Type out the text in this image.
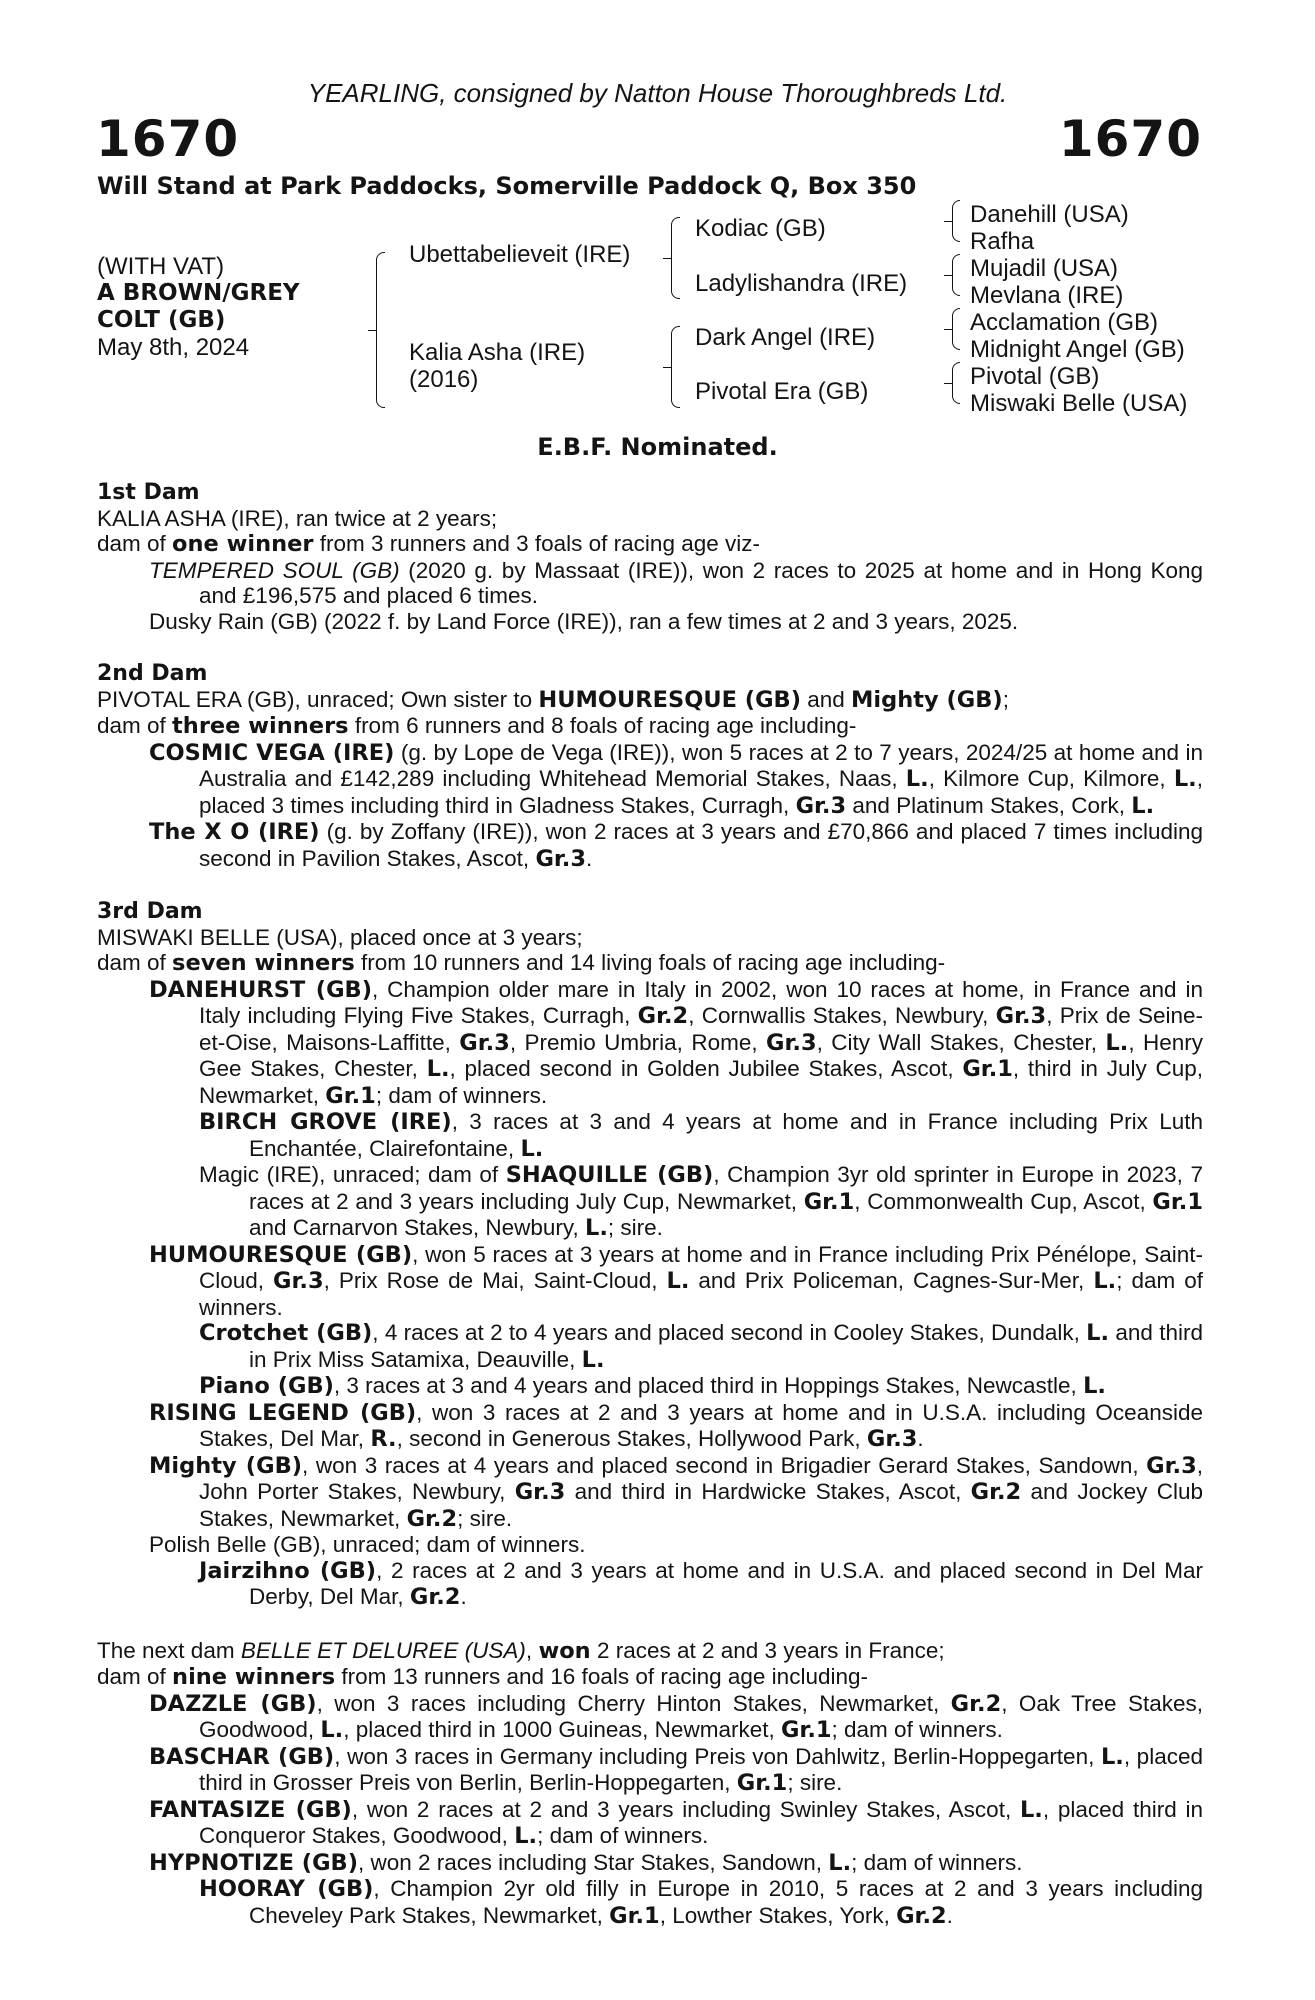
YEARLING, consigned by Natton House Thoroughbreds Ltd.
1670	1670
Will Stand at Park Paddocks, Somerville Paddock Q, Box 350
(WITH VAT)
A BROWN/GREY
COLT (GB)
May 8th, 2024
Ubettabelieveit (IRE)
Kalia Asha (IRE)
(2016)
Kodiac (GB)
Ladylishandra (IRE)
Dark Angel (IRE)
Pivotal Era (GB)
Danehill (USA)
Rafha
Mujadil (USA)
Mevlana (IRE)
Acclamation (GB)
Midnight Angel (GB)
Pivotal (GB)
Miswaki Belle (USA)
E.B.F. Nominated.
1st Dam
KALIA ASHA (IRE), ran twice at 2 years;
dam of one winner from 3 runners and 3 foals of racing age viz-
TEMPERED SOUL (GB) (2020 g. by Massaat (IRE)), won 2 races to 2025 at home and in Hong Kong and £196,575 and placed 6 times.
Dusky Rain (GB) (2022 f. by Land Force (IRE)), ran a few times at 2 and 3 years, 2025.
2nd Dam
PIVOTAL ERA (GB), unraced; Own sister to HUMOURESQUE (GB) and Mighty (GB);
dam of three winners from 6 runners and 8 foals of racing age including-
COSMIC VEGA (IRE) (g. by Lope de Vega (IRE)), won 5 races at 2 to 7 years, 2024/25 at home and in Australia and £142,289 including Whitehead Memorial Stakes, Naas, L., Kilmore Cup, Kilmore, L., placed 3 times including third in Gladness Stakes, Curragh, Gr.3 and Platinum Stakes, Cork, L.
The X O (IRE) (g. by Zoffany (IRE)), won 2 races at 3 years and £70,866 and placed 7 times including second in Pavilion Stakes, Ascot, Gr.3.
3rd Dam
MISWAKI BELLE (USA), placed once at 3 years;
dam of seven winners from 10 runners and 14 living foals of racing age including-
DANEHURST (GB), Champion older mare in Italy in 2002, won 10 races at home, in France and in Italy including Flying Five Stakes, Curragh, Gr.2, Cornwallis Stakes, Newbury, Gr.3, Prix de Seine-et-Oise, Maisons-Laffitte, Gr.3, Premio Umbria, Rome, Gr.3, City Wall Stakes, Chester, L., Henry Gee Stakes, Chester, L., placed second in Golden Jubilee Stakes, Ascot, Gr.1, third in July Cup, Newmarket, Gr.1; dam of winners.
BIRCH GROVE (IRE), 3 races at 3 and 4 years at home and in France including Prix Luth Enchantée, Clairefontaine, L.
Magic (IRE), unraced; dam of SHAQUILLE (GB), Champion 3yr old sprinter in Europe in 2023, 7 races at 2 and 3 years including July Cup, Newmarket, Gr.1, Commonwealth Cup, Ascot, Gr.1 and Carnarvon Stakes, Newbury, L.; sire.
HUMOURESQUE (GB), won 5 races at 3 years at home and in France including Prix Pénélope, Saint-Cloud, Gr.3, Prix Rose de Mai, Saint-Cloud, L. and Prix Policeman, Cagnes-Sur-Mer, L.; dam of winners.
Crotchet (GB), 4 races at 2 to 4 years and placed second in Cooley Stakes, Dundalk, L. and third in Prix Miss Satamixa, Deauville, L.
Piano (GB), 3 races at 3 and 4 years and placed third in Hoppings Stakes, Newcastle, L.
RISING LEGEND (GB), won 3 races at 2 and 3 years at home and in U.S.A. including Oceanside Stakes, Del Mar, R., second in Generous Stakes, Hollywood Park, Gr.3.
Mighty (GB), won 3 races at 4 years and placed second in Brigadier Gerard Stakes, Sandown, Gr.3, John Porter Stakes, Newbury, Gr.3 and third in Hardwicke Stakes, Ascot, Gr.2 and Jockey Club Stakes, Newmarket, Gr.2; sire.
Polish Belle (GB), unraced; dam of winners.
Jairzihno (GB), 2 races at 2 and 3 years at home and in U.S.A. and placed second in Del Mar Derby, Del Mar, Gr.2.
The next dam BELLE ET DELUREE (USA), won 2 races at 2 and 3 years in France;
dam of nine winners from 13 runners and 16 foals of racing age including-
DAZZLE (GB), won 3 races including Cherry Hinton Stakes, Newmarket, Gr.2, Oak Tree Stakes, Goodwood, L., placed third in 1000 Guineas, Newmarket, Gr.1; dam of winners.
BASCHAR (GB), won 3 races in Germany including Preis von Dahlwitz, Berlin-Hoppegarten, L., placed third in Grosser Preis von Berlin, Berlin-Hoppegarten, Gr.1; sire.
FANTASIZE (GB), won 2 races at 2 and 3 years including Swinley Stakes, Ascot, L., placed third in Conqueror Stakes, Goodwood, L.; dam of winners.
HYPNOTIZE (GB), won 2 races including Star Stakes, Sandown, L.; dam of winners.
HOORAY (GB), Champion 2yr old filly in Europe in 2010, 5 races at 2 and 3 years including Cheveley Park Stakes, Newmarket, Gr.1, Lowther Stakes, York, Gr.2.
